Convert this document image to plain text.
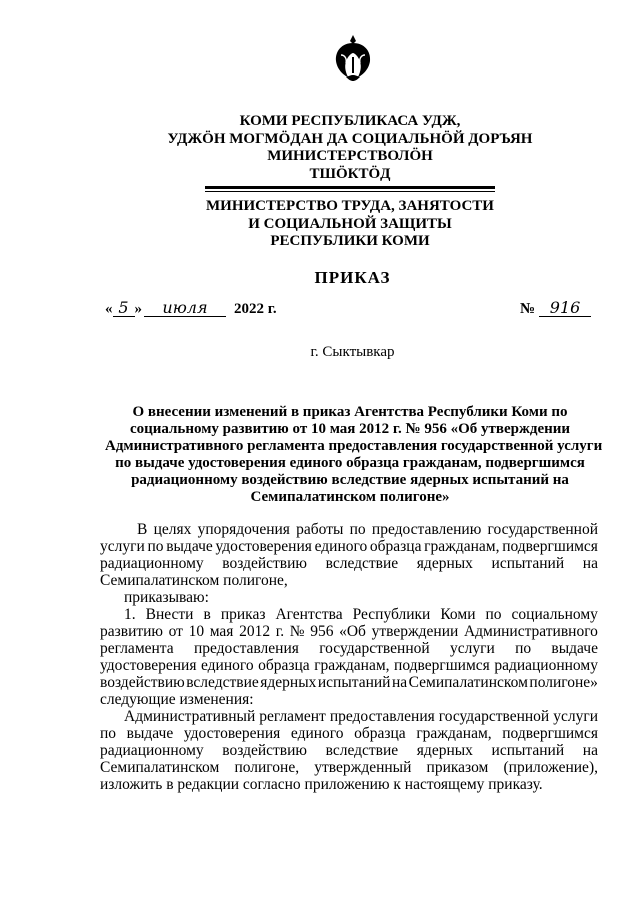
КОМИ РЕСПУБЛИКАСА УДЖ,
УДЖӦН МОГМӦДАН ДА СОЦИАЛЬНӦЙ ДОРЪЯН
МИНИСТЕРСТВОЛӦН
ТШӦКТӦД
МИНИСТЕРСТВО ТРУДА, ЗАНЯТОСТИ
И СОЦИАЛЬНОЙ ЗАЩИТЫ
РЕСПУБЛИКИ КОМИ
ПРИКАЗ
« 5 » июля 2022 г.	№ 916
г. Сыктывкар
О внесении изменений в приказ Агентства Республики Коми по
социальному развитию от 10 мая 2012 г. № 956 «Об утверждении
Административного регламента предоставления государственной услуги
по выдаче удостоверения единого образца гражданам, подвергшимся
радиационному воздействию вследствие ядерных испытаний на
Семипалатинском полигоне»
В целях упорядочения работы по предоставлению государственной
услуги по выдаче удостоверения единого образца гражданам, подвергшимся
радиационному воздействию вследствие ядерных испытаний на
Семипалатинском полигоне,
приказываю:
1. Внести в приказ Агентства Республики Коми по социальному
развитию от 10 мая 2012 г. № 956 «Об утверждении Административного
регламента предоставления государственной услуги по выдаче
удостоверения единого образца гражданам, подвергшимся радиационному
воздействию вследствие ядерных испытаний на Семипалатинском полигоне»
следующие изменения:
Административный регламент предоставления государственной услуги
по выдаче удостоверения единого образца гражданам, подвергшимся
радиационному воздействию вследствие ядерных испытаний на
Семипалатинском полигоне, утвержденный приказом (приложение),
изложить в редакции согласно приложению к настоящему приказу.
